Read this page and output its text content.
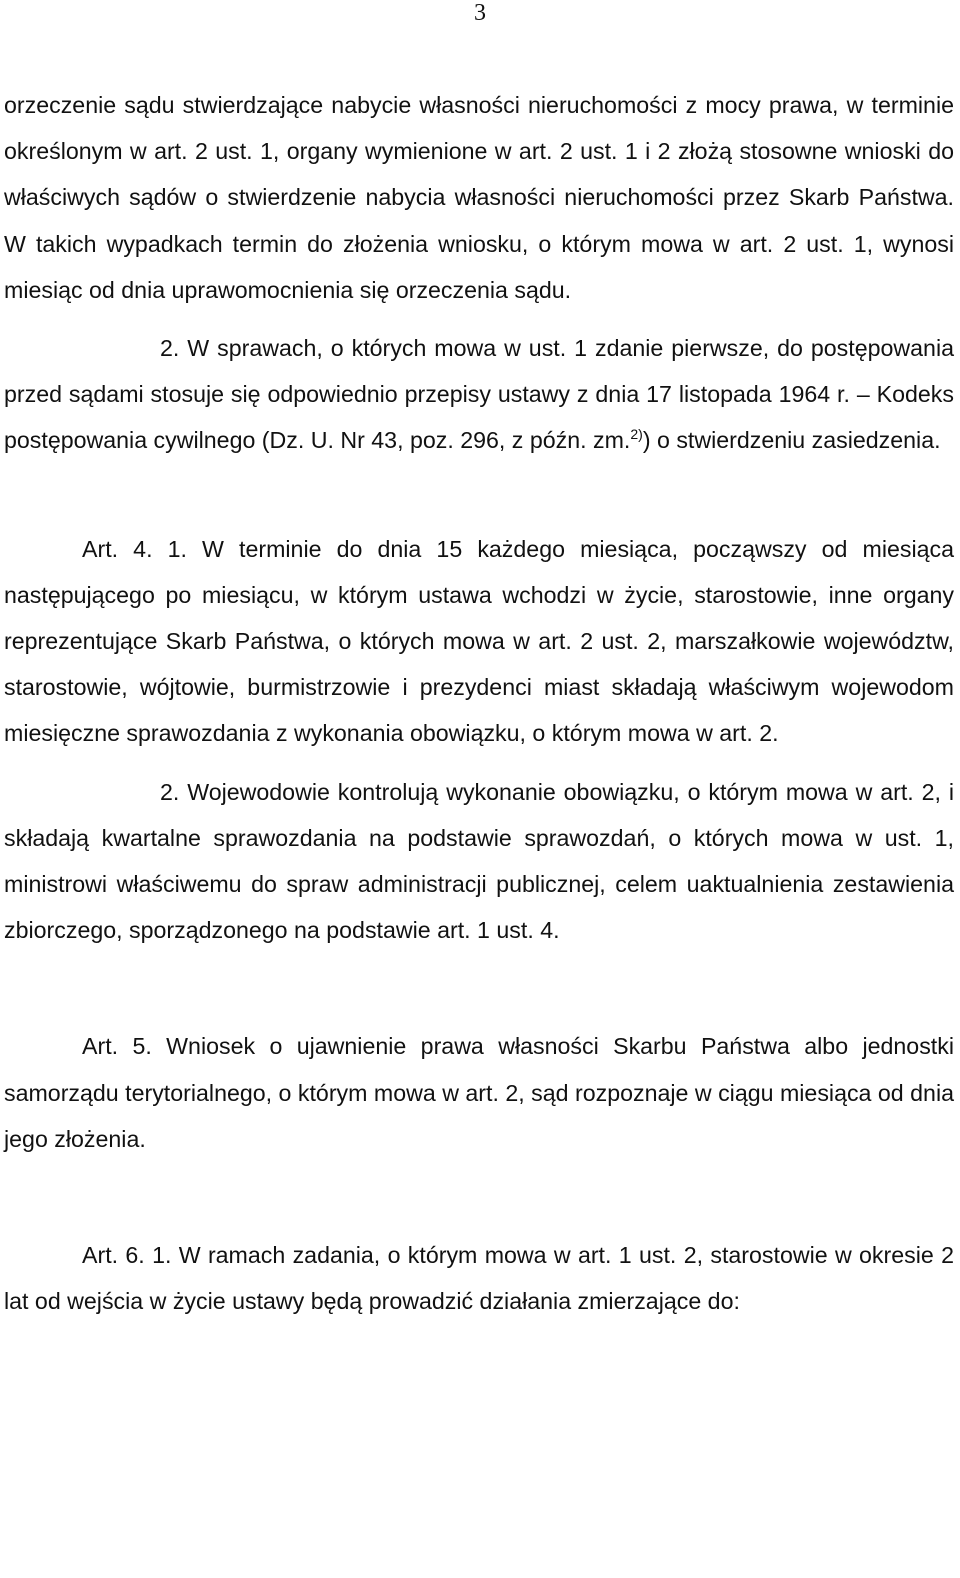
3

orzeczenie sądu stwierdzające nabycie własności nieruchomości z mocy prawa, w terminie określonym w art. 2 ust. 1, organy wymienione w art. 2 ust. 1 i 2 złożą stosowne wnioski do właściwych sądów o stwierdzenie nabycia własności nieruchomości przez Skarb Państwa. W takich wypadkach termin do złożenia wniosku, o którym mowa w art. 2 ust. 1, wynosi miesiąc od dnia uprawomocnienia się orzeczenia sądu.

2. W sprawach, o których mowa w ust. 1 zdanie pierwsze, do postępowania przed sądami stosuje się odpowiednio przepisy ustawy z dnia 17 listopada 1964 r. – Kodeks postępowania cywilnego (Dz. U. Nr 43, poz. 296, z późn. zm.$^{2)}$) o stwierdzeniu zasiedzenia.

Art. 4. 1. W terminie do dnia 15 każdego miesiąca, począwszy od miesiąca następującego po miesiącu, w którym ustawa wchodzi w życie, starostowie, inne organy reprezentujące Skarb Państwa, o których mowa w art. 2 ust. 2, marszałkowie województw, starostowie, wójtowie, burmistrzowie i prezydenci miast składają właściwym wojewodom miesięczne sprawozdania z wykonania obowiązku, o którym mowa w art. 2.

2. Wojewodowie kontrolują wykonanie obowiązku, o którym mowa w art. 2, i składają kwartalne sprawozdania na podstawie sprawozdań, o których mowa w ust. 1, ministrowi właściwemu do spraw administracji publicznej, celem uaktualnienia zestawienia zbiorczego, sporządzonego na podstawie art. 1 ust. 4.

Art. 5. Wniosek o ujawnienie prawa własności Skarbu Państwa albo jednostki samorządu terytorialnego, o którym mowa w art. 2, sąd rozpoznaje w ciągu miesiąca od dnia jego złożenia.

Art. 6. 1. W ramach zadania, o którym mowa w art. 1 ust. 2, starostowie w okresie 2 lat od wejścia w życie ustawy będą prowadzić działania zmierzające do:
